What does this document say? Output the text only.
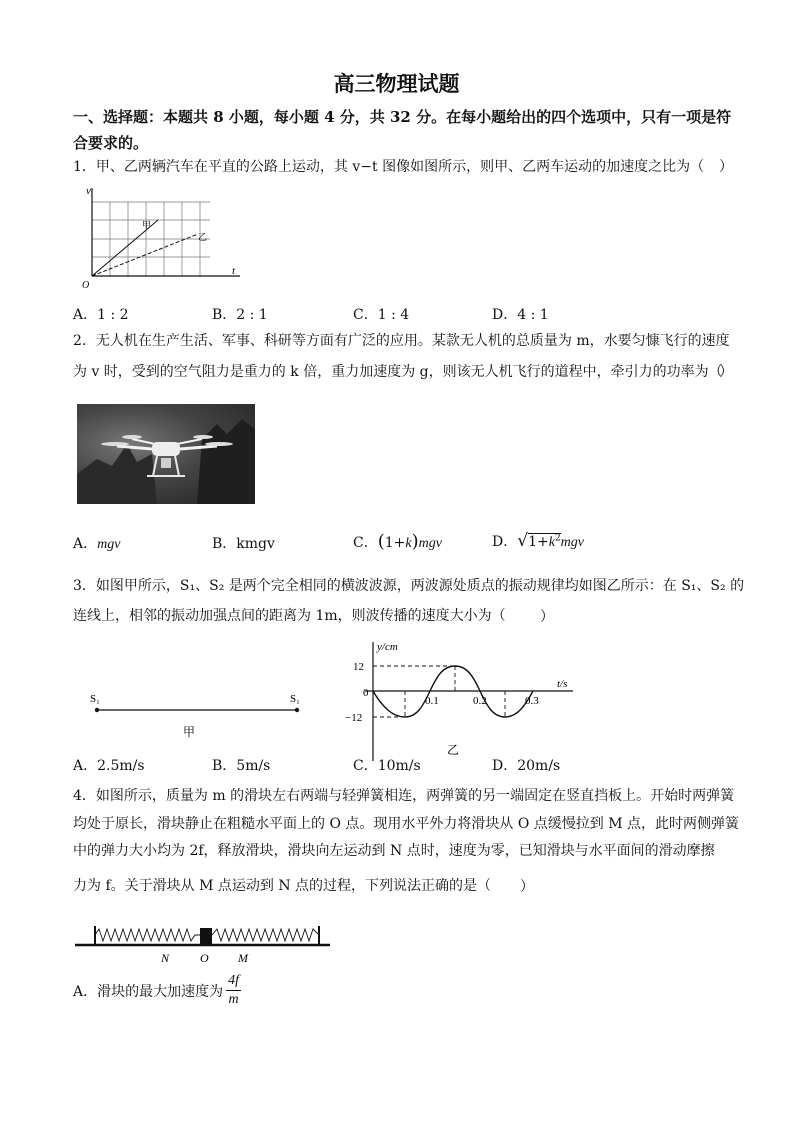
高三物理试题
一、选择题：本题共 8 小题，每小题 4 分，共 32 分。在每小题给出的四个选项中，只有一项是符合要求的。
1．甲、乙两辆汽车在平直的公路上运动，其 v−t 图像如图所示，则甲、乙两车运动的加速度之比为（ ）
v
t
O
甲
乙
A．1 : 2	B．2 : 1	C．1 : 4	D．4 : 1
2．无人机在生产生活、军事、科研等方面有广泛的应用。某款无人机的总质量为 m，水要匀慷飞行的速度
为 v 时，受到的空气阻力是重力的 k 倍，重力加速度为 g，则该无人机飞行的道程中，牵引力的功率为（
）
A．mgv	B．kmgv	C．(1+k)mgv	D．$√1+k^2mgv$
3．如图甲所示，S₁、S₂ 是两个完全相同的横波波源，两波源处质点的振动规律均如图乙所示：在 S₁、S₂ 的
连线上，相邻的振动加强点间的距离为 1m，则波传播的速度大小为（	）
S₁	S₁
甲
y/cm
t/s
12
−12
0
0.1	0.2	0.3
乙
A．2.5m/s	B．5m/s	C．10m/s	D．20m/s
4．如图所示，质量为 m 的滑块左右两端与轻弹簧相连，两弹簧的另一端固定在竖直挡板上。开始时两弹簧
均处于原长，滑块静止在粗糙水平面上的 O 点。现用水平外力将滑块从 O 点缓慢拉到 M 点，此时两侧弹簧
中的弹力大小均为 2f，释放滑块，滑块向左运动到 N 点时，速度为零，已知滑块与水平面间的滑动摩擦
力为 f。关于滑块从 M 点运动到 N 点的过程，下列说法正确的是（	）
N	O M
A．滑块的最大加速度为
4f
m
